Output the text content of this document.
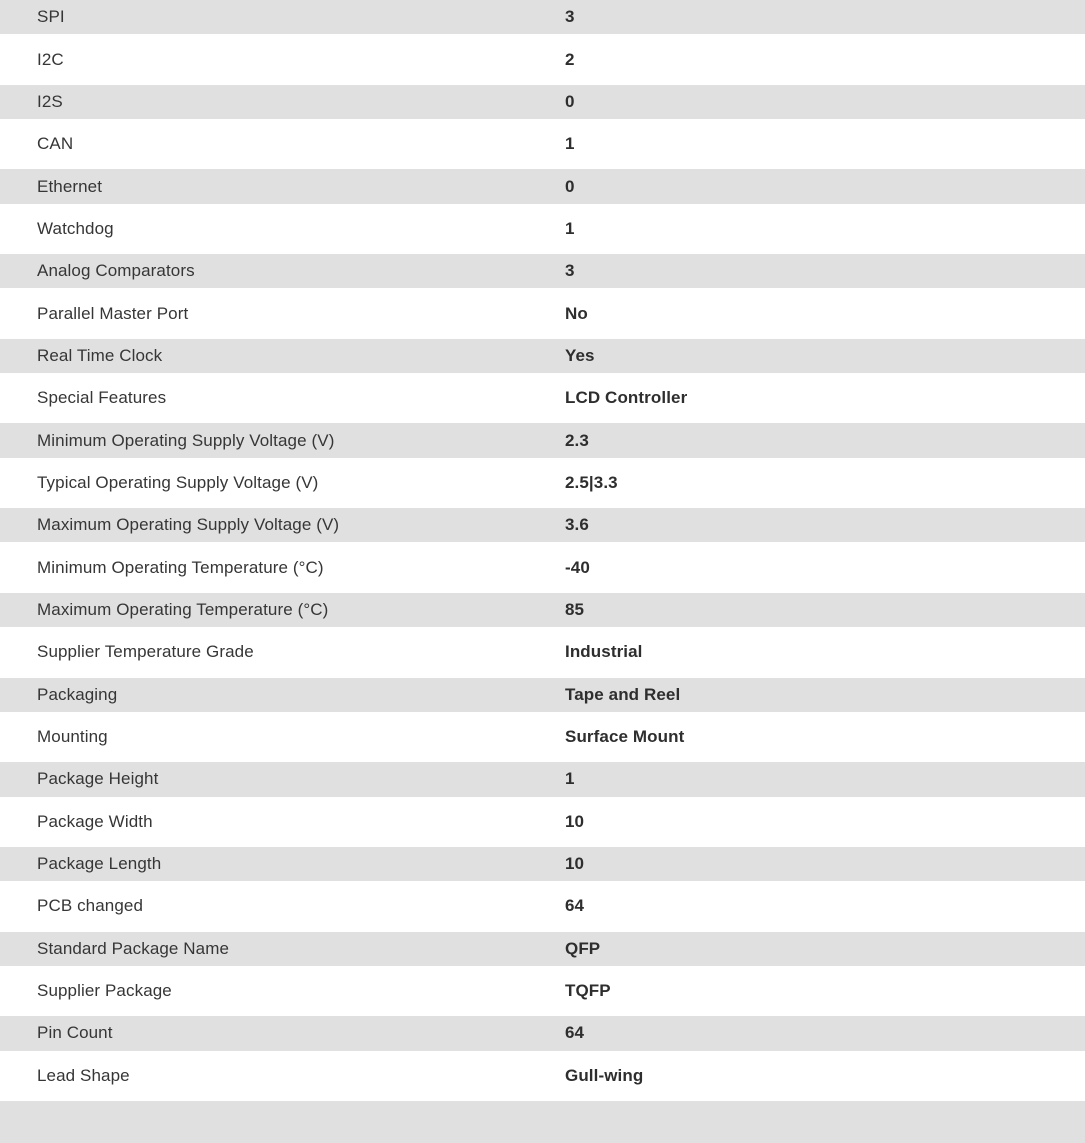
SPI	3
I2C	2
I2S	0
CAN	1
Ethernet	0
Watchdog	1
Analog Comparators	3
Parallel Master Port	No
Real Time Clock	Yes
Special Features	LCD Controller
Minimum Operating Supply Voltage (V)	2.3
Typical Operating Supply Voltage (V)	2.5|3.3
Maximum Operating Supply Voltage (V)	3.6
Minimum Operating Temperature (°C)	-40
Maximum Operating Temperature (°C)	85
Supplier Temperature Grade	Industrial
Packaging	Tape and Reel
Mounting	Surface Mount
Package Height	1
Package Width	10
Package Length	10
PCB changed	64
Standard Package Name	QFP
Supplier Package	TQFP
Pin Count	64
Lead Shape	Gull-wing
